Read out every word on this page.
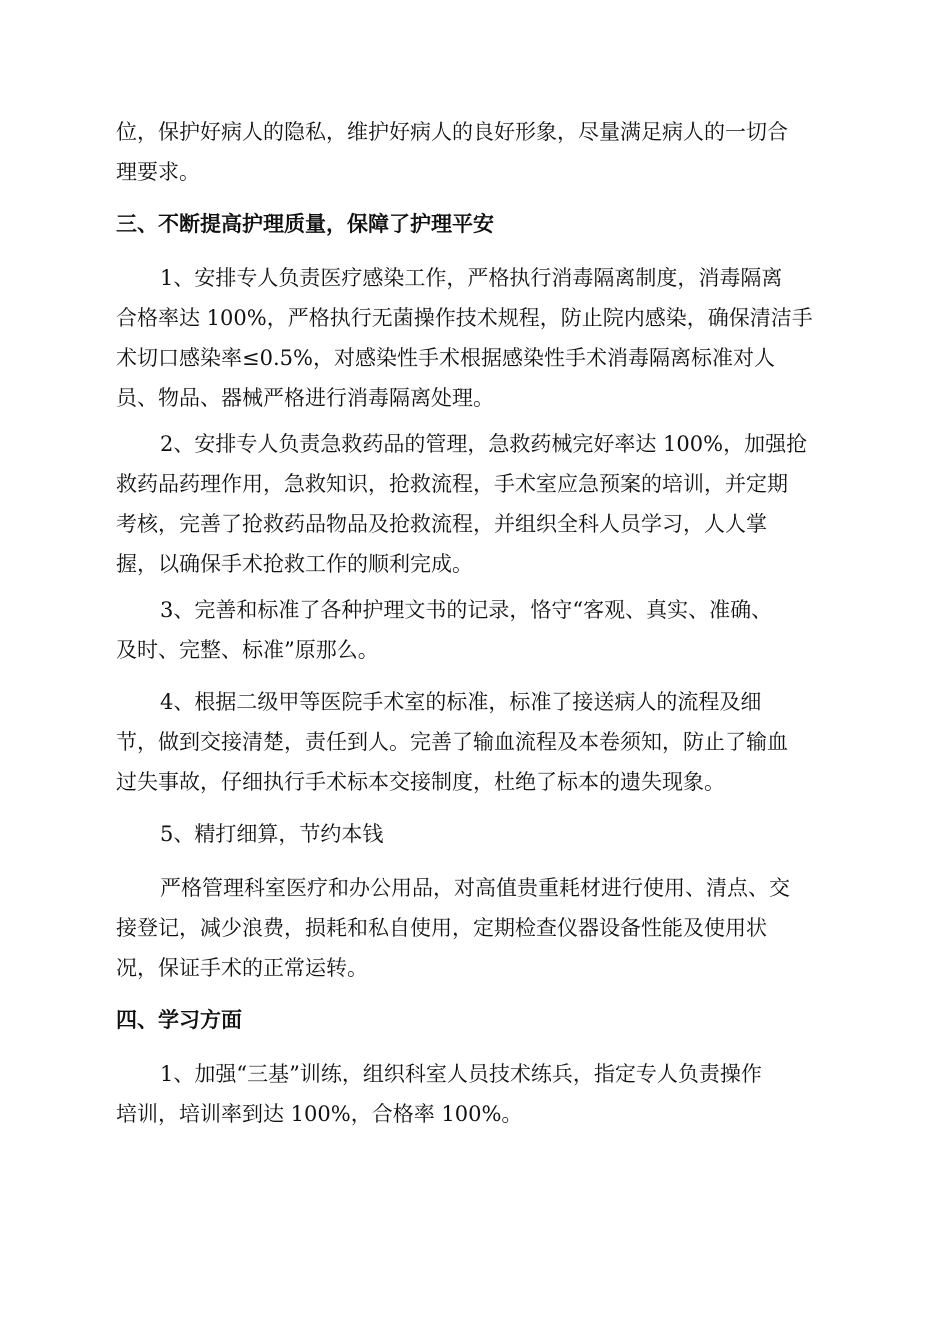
位，保护好病人的隐私，维护好病人的良好形象，尽量满足病人的一切合
理要求。

三、不断提高护理质量，保障了护理平安

1、安排专人负责医疗感染工作，严格执行消毒隔离制度，消毒隔离
合格率达 100%，严格执行无菌操作技术规程，防止院内感染，确保清洁手
术切口感染率≤0.5%，对感染性手术根据感染性手术消毒隔离标准对人
员、物品、器械严格进行消毒隔离处理。

2、安排专人负责急救药品的管理，急救药械完好率达 100%，加强抢
救药品药理作用，急救知识，抢救流程，手术室应急预案的培训，并定期
考核，完善了抢救药品物品及抢救流程，并组织全科人员学习，人人掌
握，以确保手术抢救工作的顺利完成。

3、完善和标准了各种护理文书的记录，恪守“客观、真实、准确、
及时、完整、标准”原那么。

4、根据二级甲等医院手术室的标准，标准了接送病人的流程及细
节，做到交接清楚，责任到人。完善了输血流程及本卷须知，防止了输血
过失事故，仔细执行手术标本交接制度，杜绝了标本的遗失现象。

5、精打细算，节约本钱

严格管理科室医疗和办公用品，对高值贵重耗材进行使用、清点、交
接登记，减少浪费，损耗和私自使用，定期检查仪器设备性能及使用状
况，保证手术的正常运转。

四、学习方面

1、加强“三基”训练，组织科室人员技术练兵，指定专人负责操作
培训，培训率到达 100%，合格率 100%。
